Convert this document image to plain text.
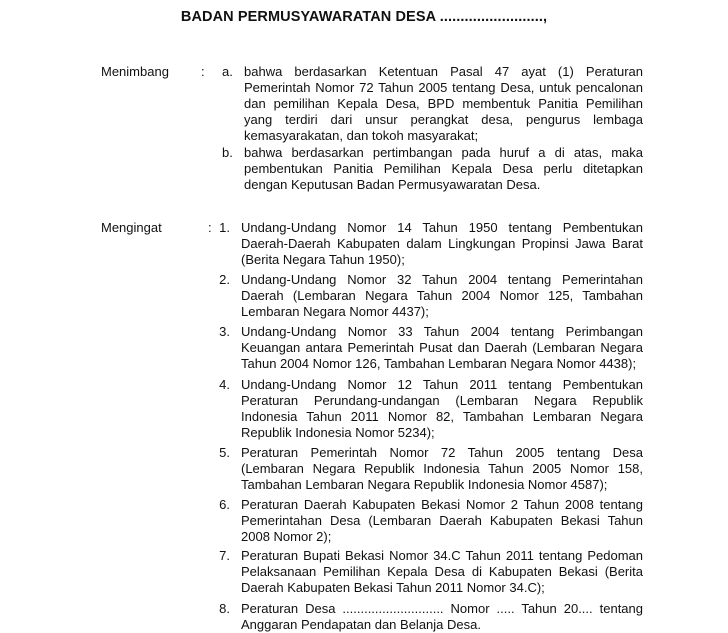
BADAN PERMUSYAWARATAN DESA .........................,
Menimbang : a. bahwa berdasarkan Ketentuan Pasal 47 ayat (1) Peraturan Pemerintah Nomor 72 Tahun 2005 tentang Desa, untuk pencalonan dan pemilihan Kepala Desa, BPD membentuk Panitia Pemilihan yang terdiri dari unsur perangkat desa, pengurus lembaga kemasyarakatan, dan tokoh masyarakat;

b. bahwa berdasarkan pertimbangan pada huruf a di atas, maka pembentukan Panitia Pemilihan Kepala Desa perlu ditetapkan dengan Keputusan Badan Permusyawaratan Desa.

Mengingat	: 1. Undang-Undang Nomor 14 Tahun 1950 tentang Pembentukan Daerah-Daerah Kabupaten dalam Lingkungan Propinsi Jawa Barat (Berita Negara Tahun 1950);

2. Undang-Undang Nomor 32 Tahun 2004 tentang Pemerintahan Daerah (Lembaran Negara Tahun 2004 Nomor 125, Tambahan Lembaran Negara Nomor 4437);

3. Undang-Undang Nomor 33 Tahun 2004 tentang Perimbangan Keuangan antara Pemerintah Pusat dan Daerah (Lembaran Negara Tahun 2004 Nomor 126, Tambahan Lembaran Negara Nomor 4438);

4. Undang-Undang Nomor 12 Tahun 2011 tentang Pembentukan Peraturan Perundang-undangan (Lembaran Negara Republik Indonesia Tahun 2011 Nomor 82, Tambahan Lembaran Negara Republik Indonesia Nomor 5234);

5. Peraturan Pemerintah Nomor 72 Tahun 2005 tentang Desa (Lembaran Negara Republik Indonesia Tahun 2005 Nomor 158, Tambahan Lembaran Negara Republik Indonesia Nomor 4587);

6. Peraturan Daerah Kabupaten Bekasi Nomor 2 Tahun 2008 tentang Pemerintahan Desa (Lembaran Daerah Kabupaten Bekasi Tahun 2008 Nomor 2);

7. Peraturan Bupati Bekasi Nomor 34.C Tahun 2011 tentang Pedoman Pelaksanaan Pemilihan Kepala Desa di Kabupaten Bekasi (Berita Daerah Kabupaten Bekasi Tahun 2011 Nomor 34.C);

8. Peraturan Desa ............................ Nomor ..... Tahun 20.... tentang Anggaran Pendapatan dan Belanja Desa.
